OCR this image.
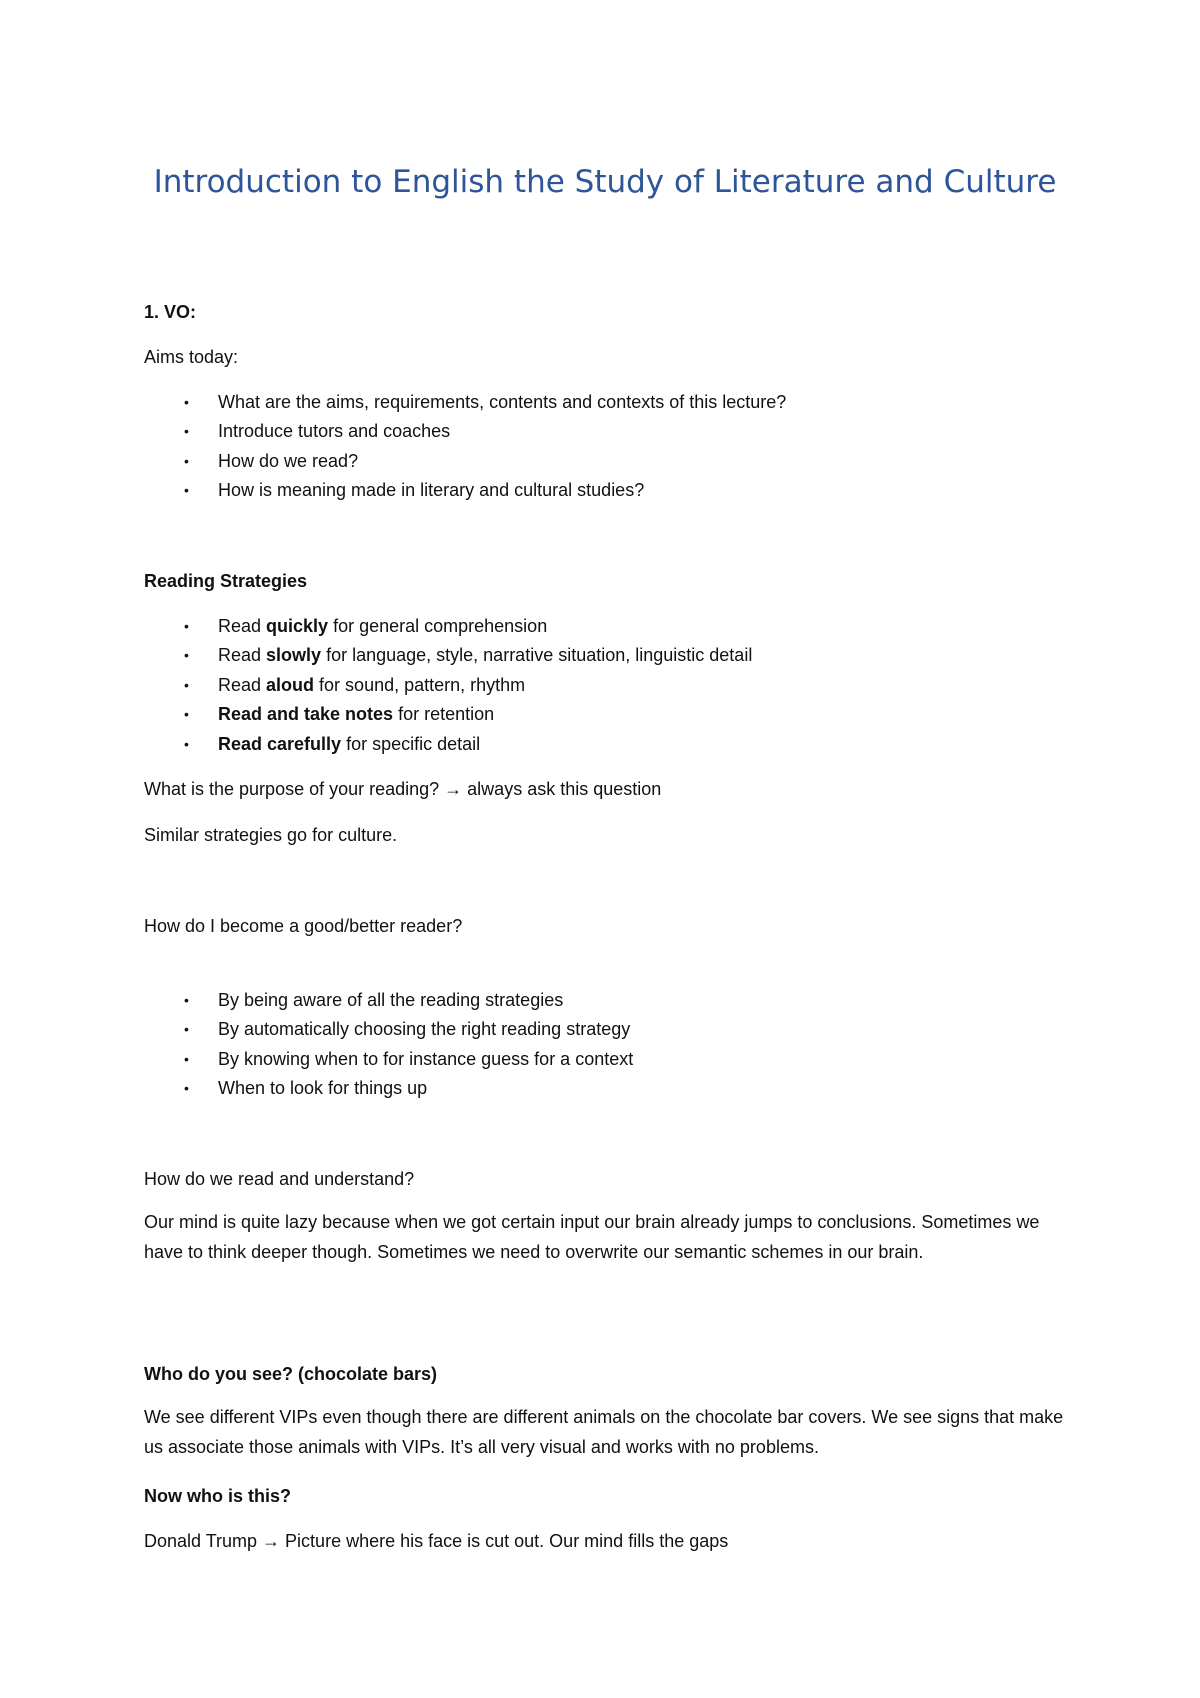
Introduction to English the Study of Literature and Culture
1. VO:
Aims today:
• What are the aims, requirements, contents and contexts of this lecture?
• Introduce tutors and coaches
• How do we read?
• How is meaning made in literary and cultural studies?
Reading Strategies
• Read quickly for general comprehension
• Read slowly for language, style, narrative situation, linguistic detail
• Read aloud for sound, pattern, rhythm
• Read and take notes for retention
• Read carefully for specific detail
What is the purpose of your reading? → always ask this question
Similar strategies go for culture.
How do I become a good/better reader?
• By being aware of all the reading strategies
• By automatically choosing the right reading strategy
• By knowing when to for instance guess for a context
• When to look for things up
How do we read and understand?
Our mind is quite lazy because when we got certain input our brain already jumps to conclusions. Sometimes we have to think deeper though. Sometimes we need to overwrite our semantic schemes in our brain.
Who do you see? (chocolate bars)
We see different VIPs even though there are different animals on the chocolate bar covers. We see signs that make us associate those animals with VIPs. It’s all very visual and works with no problems.
Now who is this?
Donald Trump → Picture where his face is cut out. Our mind fills the gaps
